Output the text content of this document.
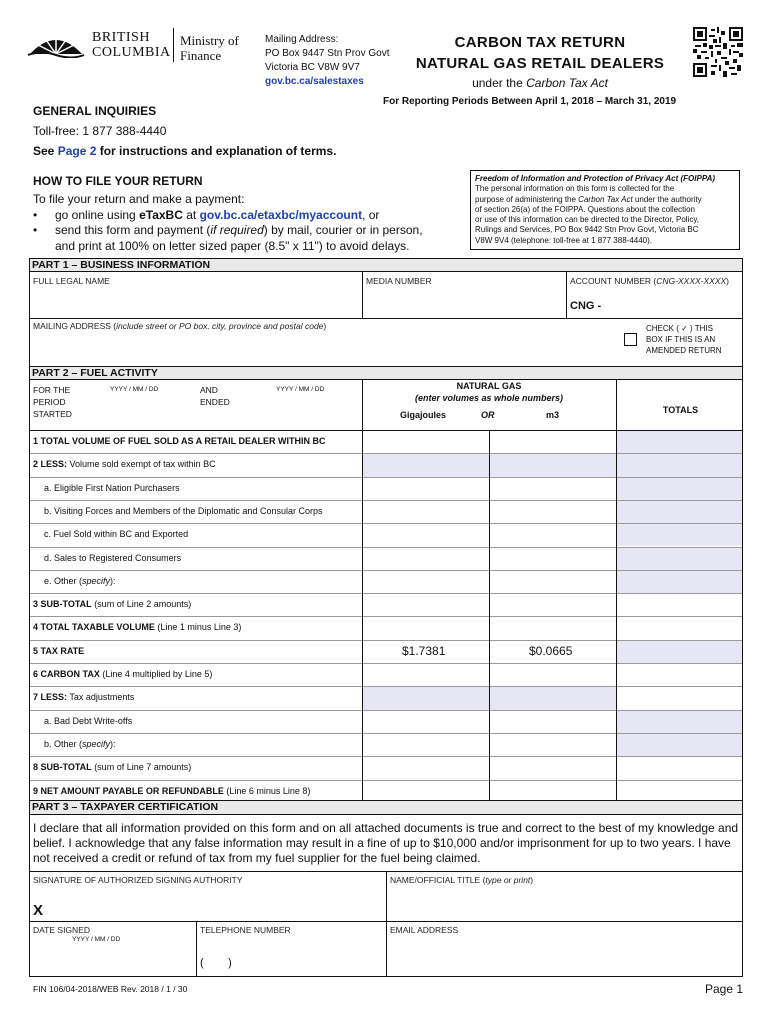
BRITISH
COLUMBIA
Ministry of
Finance
Mailing Address:
PO Box 9447 Stn Prov Govt
Victoria BC V8W 9V7
gov.bc.ca/salestaxes
CARBON TAX RETURN
NATURAL GAS RETAIL DEALERS
under the Carbon Tax Act
For Reporting Periods Between April 1, 2018 – March 31, 2019
GENERAL INQUIRIES
Toll-free: 1 877 388-4440
See Page 2 for instructions and explanation of terms.
HOW TO FILE YOUR RETURN
To file your return and make a payment:
•	go online using eTaxBC at gov.bc.ca/etaxbc/myaccount, or
•	send this form and payment (if required) by mail, courier or in person,
and print at 100% on letter sized paper (8.5" x 11") to avoid delays.
Freedom of Information and Protection of Privacy Act (FOIPPA)
The personal information on this form is collected for the
purpose of administering the Carbon Tax Act under the authority
of section 26(a) of the FOIPPA. Questions about the collection
or use of this information can be directed to the Director, Policy,
Rulings and Services, PO Box 9442 Stn Prov Govt, Victoria BC
V8W 9V4 (telephone: toll-free at 1 877 388-4440).
PART 1 – BUSINESS INFORMATION
FULL LEGAL NAME	MEDIA NUMBER	ACCOUNT NUMBER (CNG-XXXX-XXXX)
CNG -
MAILING ADDRESS (include street or PO box, city, province and postal code)	CHECK ( ✓ ) THIS
BOX IF THIS IS AN
AMENDED RETURN
PART 2 – FUEL ACTIVITY
FOR THE
PERIOD
STARTED
YYYY / MM / DD	AND
ENDED
YYYY / MM / DD	NATURAL GAS
(enter volumes as whole numbers)
Gigajoules	OR	m3	TOTALS
1 TOTAL VOLUME OF FUEL SOLD AS A RETAIL DEALER WITHIN BC
2 LESS: Volume sold exempt of tax within BC
a. Eligible First Nation Purchasers
b. Visiting Forces and Members of the Diplomatic and Consular Corps
c. Fuel Sold within BC and Exported
d. Sales to Registered Consumers
e. Other (specify):
3 SUB-TOTAL (sum of Line 2 amounts)
4 TOTAL TAXABLE VOLUME (Line 1 minus Line 3)
5 TAX RATE	$1.7381	$0.0665
6 CARBON TAX (Line 4 multiplied by Line 5)
7 LESS: Tax adjustments
a. Bad Debt Write-offs
b. Other (specify):
8 SUB-TOTAL (sum of Line 7 amounts)
9 NET AMOUNT PAYABLE OR REFUNDABLE (Line 6 minus Line 8)
PART 3 – TAXPAYER CERTIFICATION
I declare that all information provided on this form and on all attached documents is true and correct to the best of my knowledge and belief. I acknowledge that any false information may result in a fine of up to $10,000 and/or imprisonment for up to two years. I have not received a credit or refund of tax from my fuel supplier for the fuel being claimed.
SIGNATURE OF AUTHORIZED SIGNING AUTHORITY
X
NAME/OFFICIAL TITLE (type or print)
DATE SIGNED
YYYY / MM / DD
TELEPHONE NUMBER
(        )
EMAIL ADDRESS
FIN 106/04-2018/WEB Rev. 2018 / 1 / 30	Page 1
